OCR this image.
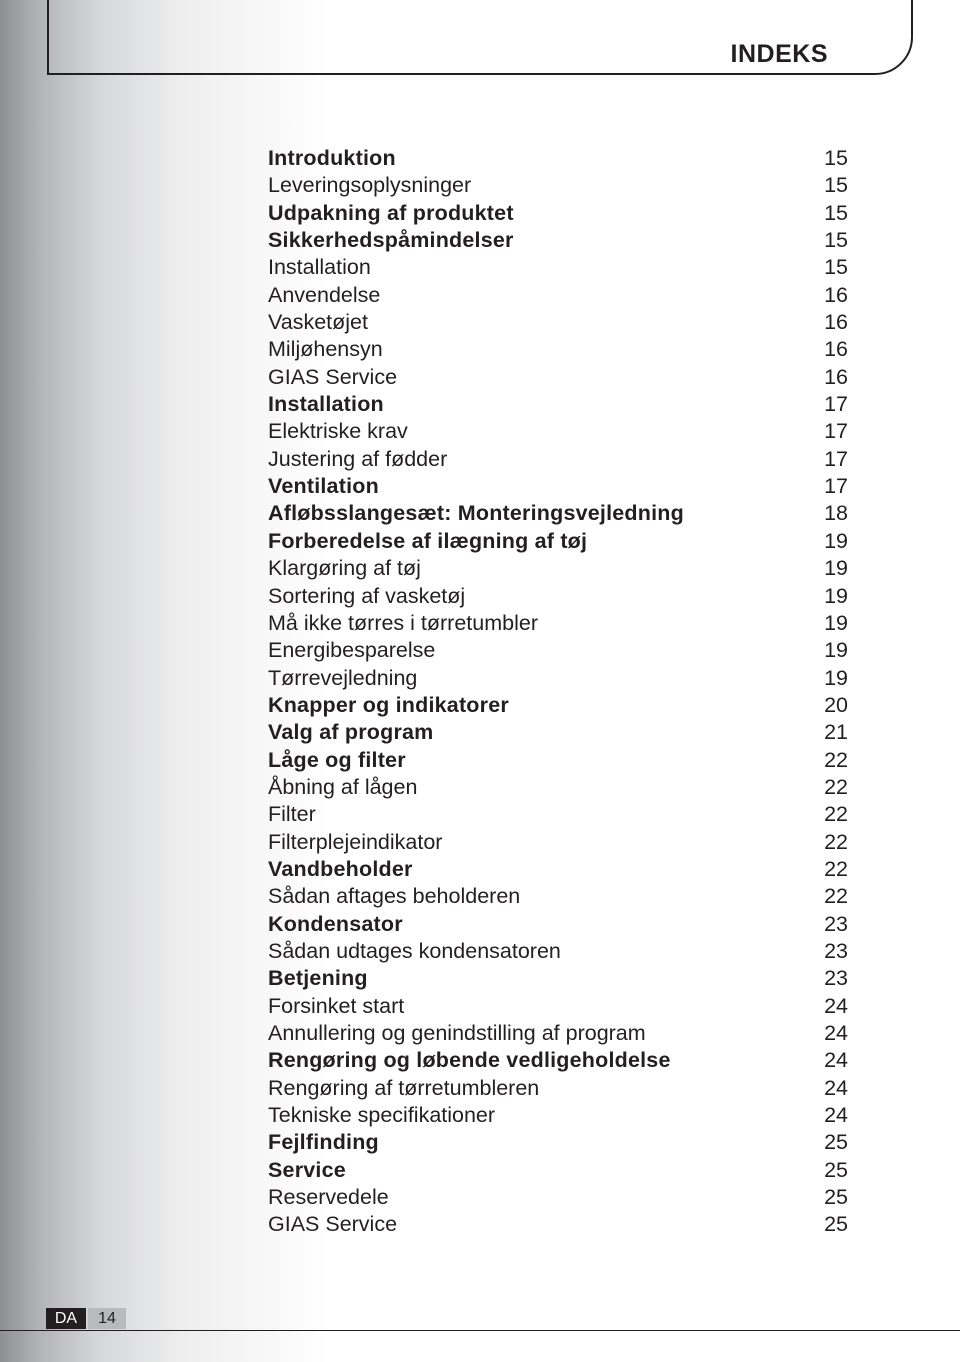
INDEKS
Introduktion	15
Leveringsoplysninger	15
Udpakning af produktet	15
Sikkerhedspåmindelser	15
Installation	15
Anvendelse	16
Vasketøjet	16
Miljøhensyn	16
GIAS Service	16
Installation	17
Elektriske krav	17
Justering af fødder	17
Ventilation	17
Afløbsslangesæt: Monteringsvejledning	18
Forberedelse af ilægning af tøj	19
Klargøring af tøj	19
Sortering af vasketøj	19
Må ikke tørres i tørretumbler	19
Energibesparelse	19
Tørrevejledning	19
Knapper og indikatorer	20
Valg af program	21
Låge og filter	22
Åbning af lågen	22
Filter	22
Filterplejeindikator	22
Vandbeholder	22
Sådan aftages beholderen	22
Kondensator	23
Sådan udtages kondensatoren	23
Betjening	23
Forsinket start	24
Annullering og genindstilling af program	24
Rengøring og løbende vedligeholdelse	24
Rengøring af tørretumbleren	24
Tekniske specifikationer	24
Fejlfinding	25
Service	25
Reservedele	25
GIAS Service	25
DA	14
